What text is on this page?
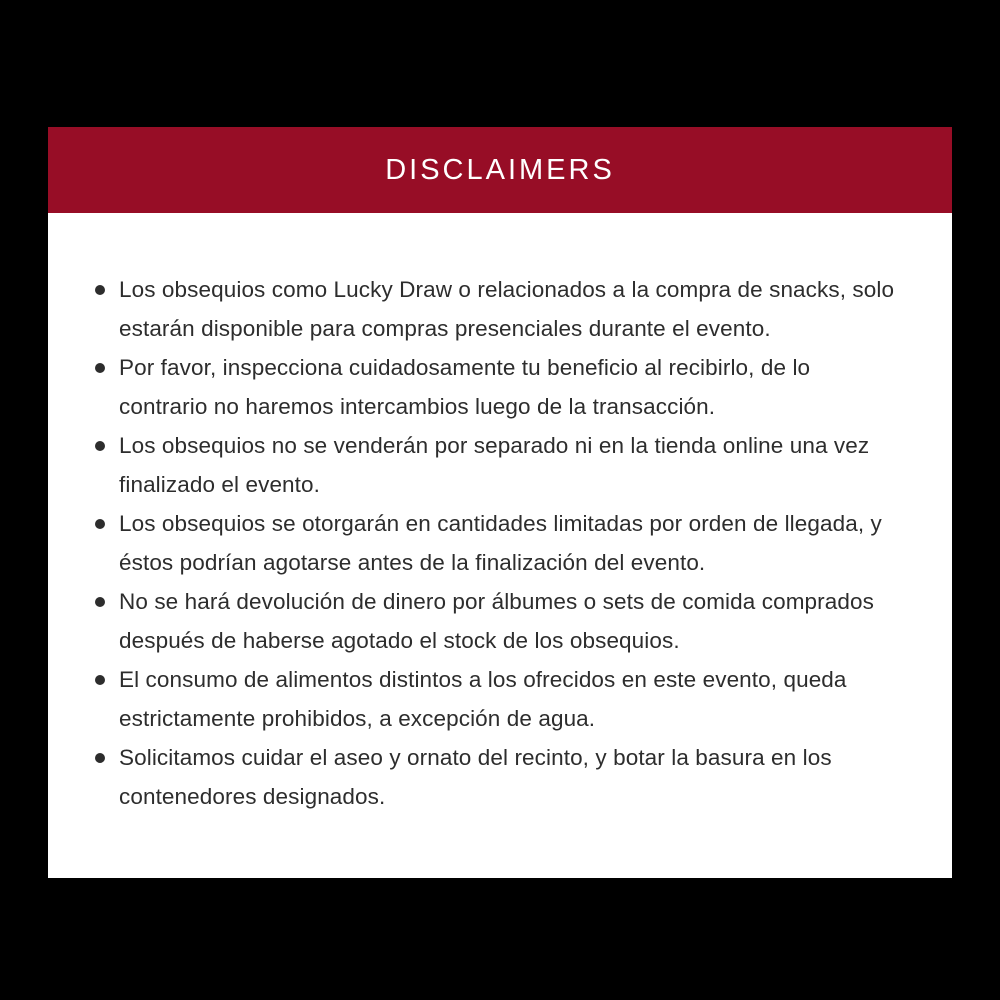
DISCLAIMERS
Los obsequios como Lucky Draw o relacionados a la compra de snacks, solo estarán disponible para compras presenciales durante el evento.
Por favor, inspecciona cuidadosamente tu beneficio al recibirlo, de lo contrario no haremos intercambios luego de la transacción.
Los obsequios no se venderán por separado ni en la tienda online una vez finalizado el evento.
Los obsequios se otorgarán en cantidades limitadas por orden de llegada, y éstos podrían agotarse antes de la finalización del evento.
No se hará devolución de dinero por álbumes o sets de comida comprados después de haberse agotado el stock de los obsequios.
El consumo de alimentos distintos a los ofrecidos en este evento, queda estrictamente prohibidos, a excepción de agua.
Solicitamos cuidar el aseo y ornato del recinto, y botar la basura en los contenedores designados.
